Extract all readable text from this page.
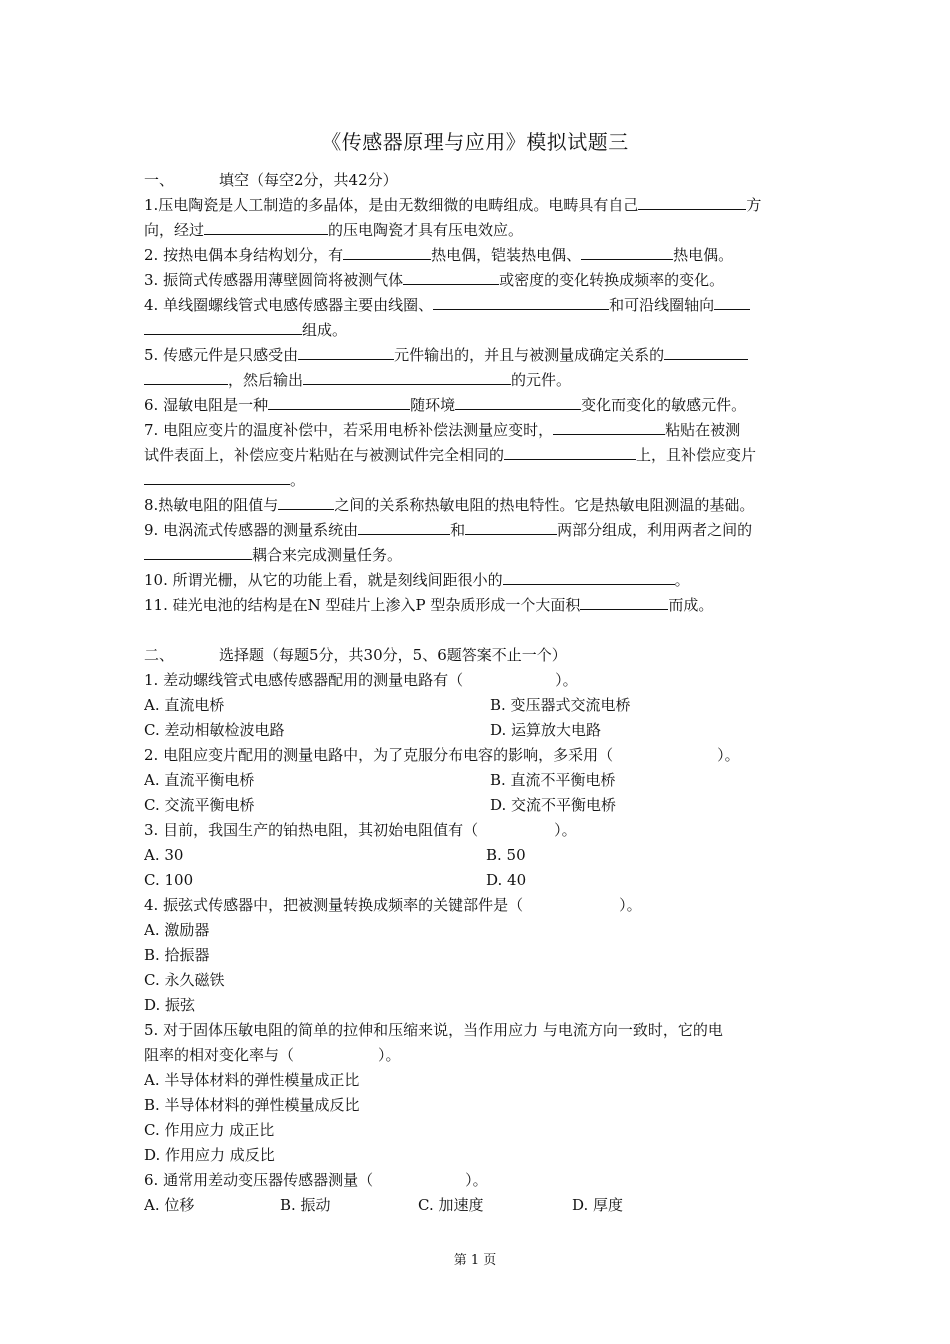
《传感器原理与应用》模拟试题三
一、	填空（每空2分，共42分）
1.压电陶瓷是人工制造的多晶体，是由无数细微的电畴组成。电畴具有自己	方
向，经过	的压电陶瓷才具有压电效应。
2. 按热电偶本身结构划分，有	热电偶，铠装热电偶、	热电偶。
3. 振筒式传感器用薄壁圆筒将被测气体	或密度的变化转换成频率的变化。
4. 单线圈螺线管式电感传感器主要由线圈、	和可沿线圈轴向
组成。
5. 传感元件是只感受由	元件输出的，并且与被测量成确定关系的
，然后输出	的元件。
6. 湿敏电阻是一种	随环境	变化而变化的敏感元件。
7. 电阻应变片的温度补偿中，若采用电桥补偿法测量应变时，	粘贴在被测
试件表面上，补偿应变片粘贴在与被测试件完全相同的	上，且补偿应变片
。
8.热敏电阻的阻值与	之间的关系称热敏电阻的热电特性。它是热敏电阻测温的基础。
9. 电涡流式传感器的测量系统由	和	两部分组成，利用两者之间的
耦合来完成测量任务。
10. 所谓光栅，从它的功能上看，就是刻线间距很小的	。
11. 硅光电池的结构是在N 型硅片上渗入P 型杂质形成一个大面积	而成。
二、	选择题（每题5分，共30分，5、6题答案不止一个）
1. 差动螺线管式电感传感器配用的测量电路有（	）。
A. 直流电桥	B. 变压器式交流电桥
C. 差动相敏检波电路	D. 运算放大电路
2. 电阻应变片配用的测量电路中，为了克服分布电容的影响，多采用（	）。
A. 直流平衡电桥	B. 直流不平衡电桥
C. 交流平衡电桥	D. 交流不平衡电桥
3. 目前，我国生产的铂热电阻，其初始电阻值有（	）。
A. 30	B. 50
C. 100	D. 40
4. 振弦式传感器中，把被测量转换成频率的关键部件是（	）。
A. 激励器
B. 拾振器
C. 永久磁铁
D. 振弦
5. 对于固体压敏电阻的简单的拉伸和压缩来说，当作用应力 与电流方向一致时，它的电
阻率的相对变化率与（	）。
A. 半导体材料的弹性模量成正比
B. 半导体材料的弹性模量成反比
C. 作用应力 成正比
D. 作用应力 成反比
6. 通常用差动变压器传感器测量（	）。
A. 位移	B. 振动	C. 加速度	D. 厚度
第 1 页
